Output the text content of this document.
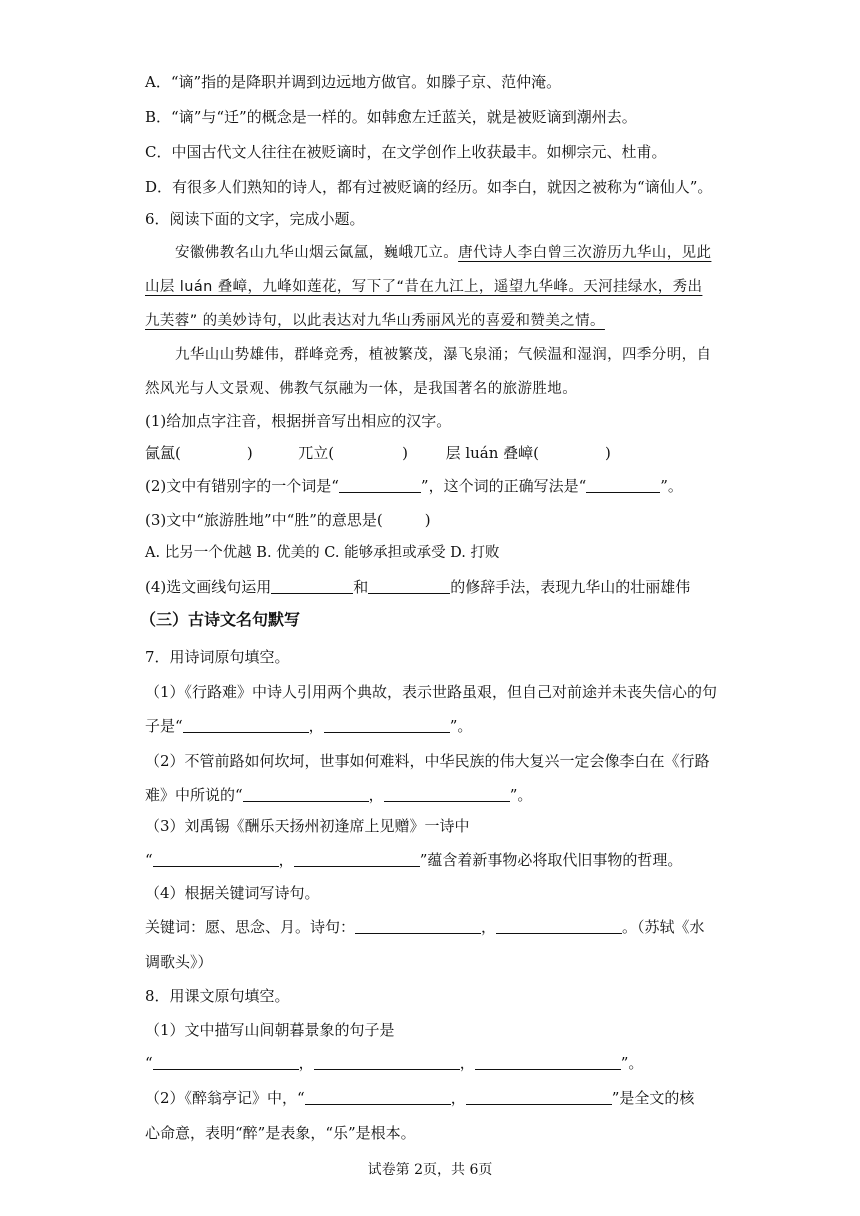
A．“谪”指的是降职并调到边远地方做官。如滕子京、范仲淹。
B．“谪”与“迁”的概念是一样的。如韩愈左迁蓝关，就是被贬谪到潮州去。
C．中国古代文人往往在被贬谪时，在文学创作上收获最丰。如柳宗元、杜甫。
D．有很多人们熟知的诗人，都有过被贬谪的经历。如李白，就因之被称为“谪仙人”。
6．阅读下面的文字，完成小题。
安徽佛教名山九华山烟云氤氲，巍峨兀立。唐代诗人李白曾三次游历九华山，见此
山层 luán 叠嶂，九峰如莲花，写下了“昔在九江上，遥望九华峰。天河挂绿水，秀出
九芙蓉” 的美妙诗句，以此表达对九华山秀丽风光的喜爱和赞美之情。
九华山山势雄伟，群峰竞秀，植被繁茂，瀑飞泉涌；气候温和湿润，四季分明，自
然风光与人文景观、佛教气氛融为一体，是我国著名的旅游胜地。
(1)给加点字注音，根据拼音写出相应的汉字。
氤氲(	)	兀立(	)	层 luán 叠嶂(	)
(2)文中有错别字的一个词是“	”，这个词的正确写法是“	”。
(3)文中“旅游胜地”中“胜”的意思是(	)
A. 比另一个优越 B. 优美的 C. 能够承担或承受 D. 打败
(4)选文画线句运用	和	的修辞手法，表现九华山的壮丽雄伟
（三）古诗文名句默写
7．用诗词原句填空。
（1）《行路难》中诗人引用两个典故，表示世路虽艰，但自己对前途并未丧失信心的句
子是“	，	”。
（2）不管前路如何坎坷，世事如何难料，中华民族的伟大复兴一定会像李白在《行路
难》中所说的“	，	”。
（3）刘禹锡《酬乐天扬州初逢席上见赠》一诗中
“	，	”蕴含着新事物必将取代旧事物的哲理。
（4）根据关键词写诗句。
关键词：愿、思念、月。诗句：	，	。（苏轼《水
调歌头》）
8．用课文原句填空。
（1）文中描写山间朝暮景象的句子是
“	，	，	”。
（2）《醉翁亭记》中，“	，	”是全文的核
心命意，表明“醉”是表象，“乐”是根本。
试卷第 2页，共 6页
